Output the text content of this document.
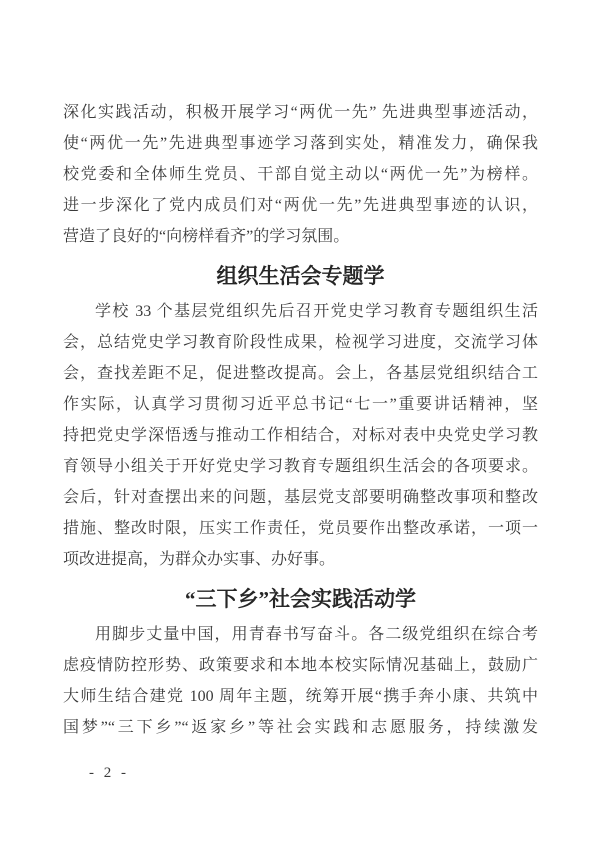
深化实践活动，积极开展学习“两优一先” 先进典型事迹活动，
使“两优一先”先进典型事迹学习落到实处，精准发力，确保我
校党委和全体师生党员、干部自觉主动以“两优一先”为榜样。
进一步深化了党内成员们对“两优一先”先进典型事迹的认识，
营造了良好的“向榜样看齐”的学习氛围。
组织生活会专题学
学校 33 个基层党组织先后召开党史学习教育专题组织生活
会，总结党史学习教育阶段性成果，检视学习进度，交流学习体
会，查找差距不足，促进整改提高。会上，各基层党组织结合工
作实际，认真学习贯彻习近平总书记“七一”重要讲话精神，坚
持把党史学深悟透与推动工作相结合，对标对表中央党史学习教
育领导小组关于开好党史学习教育专题组织生活会的各项要求。
会后，针对查摆出来的问题，基层党支部要明确整改事项和整改
措施、整改时限，压实工作责任，党员要作出整改承诺，一项一
项改进提高，为群众办实事、办好事。
“三下乡”社会实践活动学
用脚步丈量中国，用青春书写奋斗。各二级党组织在综合考
虑疫情防控形势、政策要求和本地本校实际情况基础上，鼓励广
大师生结合建党 100 周年主题，统筹开展“携手奔小康、共筑中
国梦”“三下乡”“返家乡”等社会实践和志愿服务，持续激发
- 2 -
